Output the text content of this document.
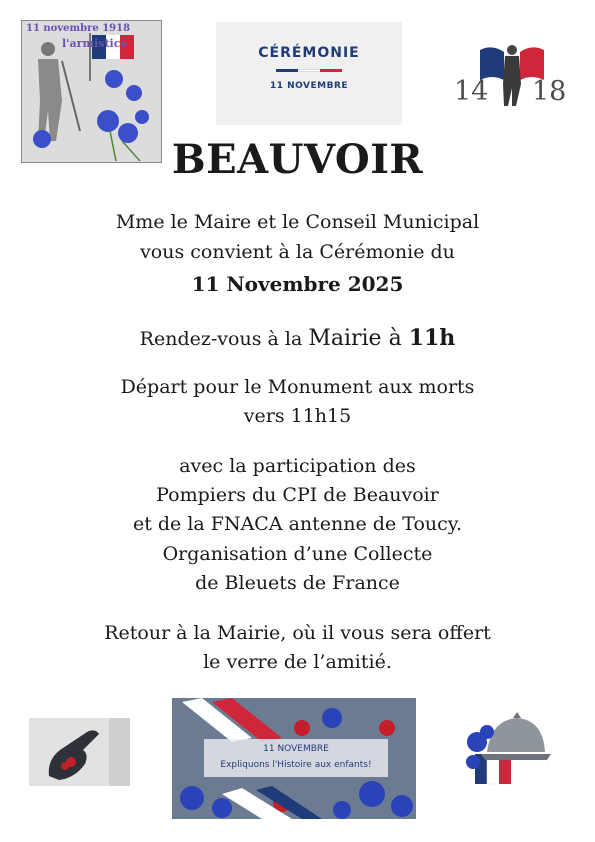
11 novembre 1918
l'armistice
CÉRÉMONIE
11 NOVEMBRE	14 18
BEAUVOIR
Mme le Maire et le Conseil Municipal
vous convient à la Cérémonie du
11 Novembre 2025
Rendez-vous à la Mairie à 11h
Départ pour le Monument aux morts
vers 11h15
avec la participation des
Pompiers du CPI de Beauvoir
et de la FNACA antenne de Toucy.
Organisation d’une Collecte
de Bleuets de France
Retour à la Mairie, où il vous sera offert
le verre de l’amitié.
11 NOVEMBRE
Expliquons l'Histoire aux enfants!
